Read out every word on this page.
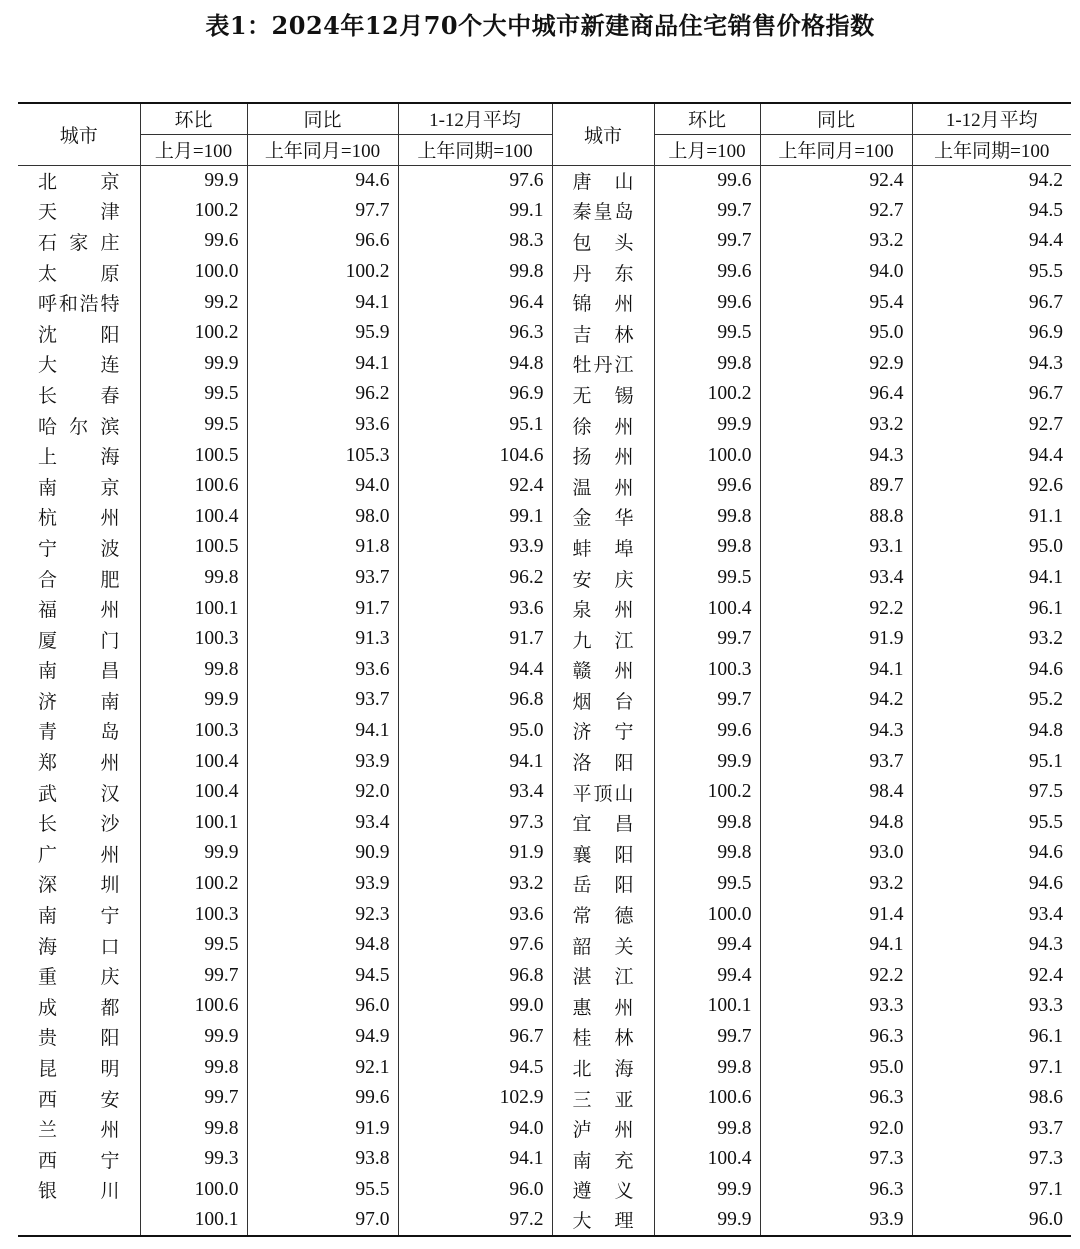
表1：2024年12月70个大中城市新建商品住宅销售价格指数
城市	环比	同比	1-12月平均	城市	环比	同比	1-12月平均
	上月=100	上年同月=100	上年同期=100		上月=100	上年同月=100	上年同期=100
北京	99.9	94.6	97.6	唐山	99.6	92.4	94.2
天津	100.2	97.7	99.1	秦皇岛	99.7	92.7	94.5
石家庄	99.6	96.6	98.3	包头	99.7	93.2	94.4
太原	100.0	100.2	99.8	丹东	99.6	94.0	95.5
呼和浩特	99.2	94.1	96.4	锦州	99.6	95.4	96.7
沈阳	100.2	95.9	96.3	吉林	99.5	95.0	96.9
大连	99.9	94.1	94.8	牡丹江	99.8	92.9	94.3
长春	99.5	96.2	96.9	无锡	100.2	96.4	96.7
哈尔滨	99.5	93.6	95.1	徐州	99.9	93.2	92.7
上海	100.5	105.3	104.6	扬州	100.0	94.3	94.4
南京	100.6	94.0	92.4	温州	99.6	89.7	92.6
杭州	100.4	98.0	99.1	金华	99.8	88.8	91.1
宁波	100.5	91.8	93.9	蚌埠	99.8	93.1	95.0
合肥	99.8	93.7	96.2	安庆	99.5	93.4	94.1
福州	100.1	91.7	93.6	泉州	100.4	92.2	96.1
厦门	100.3	91.3	91.7	九江	99.7	91.9	93.2
南昌	99.8	93.6	94.4	赣州	100.3	94.1	94.6
济南	99.9	93.7	96.8	烟台	99.7	94.2	95.2
青岛	100.3	94.1	95.0	济宁	99.6	94.3	94.8
郑州	100.4	93.9	94.1	洛阳	99.9	93.7	95.1
武汉	100.4	92.0	93.4	平顶山	100.2	98.4	97.5
长沙	100.1	93.4	97.3	宜昌	99.8	94.8	95.5
广州	99.9	90.9	91.9	襄阳	99.8	93.0	94.6
深圳	100.2	93.9	93.2	岳阳	99.5	93.2	94.6
南宁	100.3	92.3	93.6	常德	100.0	91.4	93.4
海口	99.5	94.8	97.6	韶关	99.4	94.1	94.3
重庆	99.7	94.5	96.8	湛江	99.4	92.2	92.4
成都	100.6	96.0	99.0	惠州	100.1	93.3	93.3
贵阳	99.9	94.9	96.7	桂林	99.7	96.3	96.1
昆明	99.8	92.1	94.5	北海	99.8	95.0	97.1
西安	99.7	99.6	102.9	三亚	100.6	96.3	98.6
兰州	99.8	91.9	94.0	泸州	99.8	92.0	93.7
西宁	99.3	93.8	94.1	南充	100.4	97.3	97.3
银川	100.0	95.5	96.0	遵义	99.9	96.3	97.1
	100.1	97.0	97.2	大理	99.9	93.9	96.0
